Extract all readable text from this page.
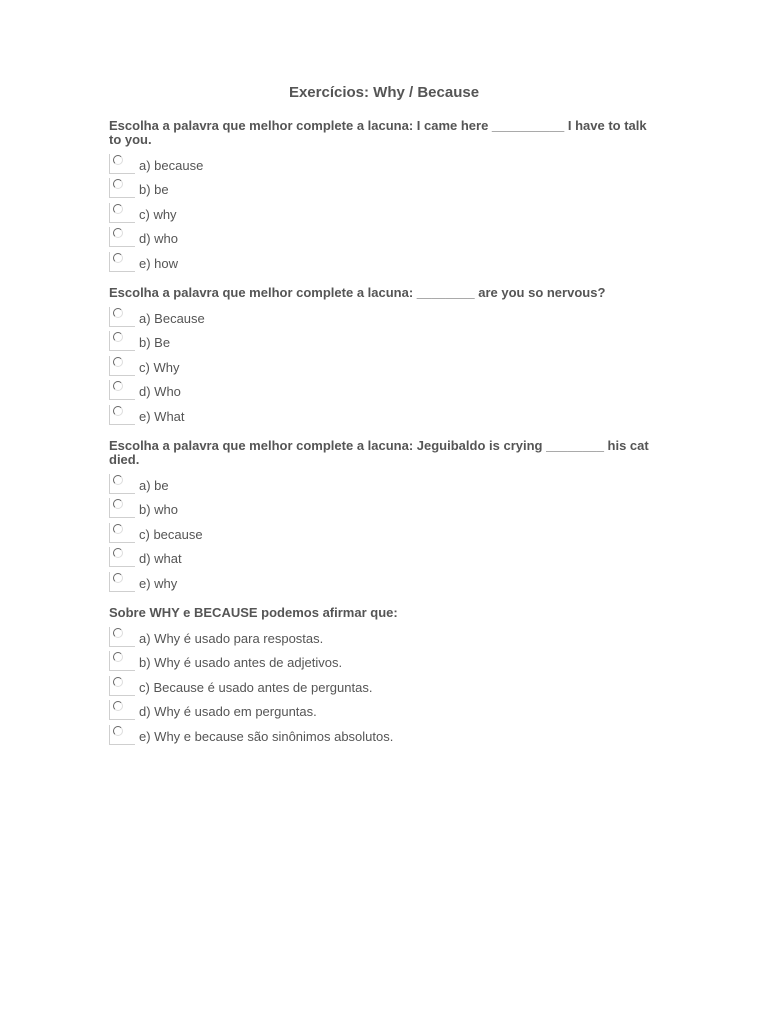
Exercícios: Why / Because
Escolha a palavra que melhor complete a lacuna: I came here __________ I have to talk to you.
a) because
b) be
c) why
d) who
e) how
Escolha a palavra que melhor complete a lacuna: ________ are you so nervous?
a) Because
b) Be
c) Why
d) Who
e) What
Escolha a palavra que melhor complete a lacuna: Jeguibaldo is crying ________ his cat died.
a) be
b) who
c) because
d) what
e) why
Sobre WHY e BECAUSE podemos afirmar que:
a) Why é usado para respostas.
b) Why é usado antes de adjetivos.
c) Because é usado antes de perguntas.
d) Why é usado em perguntas.
e) Why e because são sinônimos absolutos.
